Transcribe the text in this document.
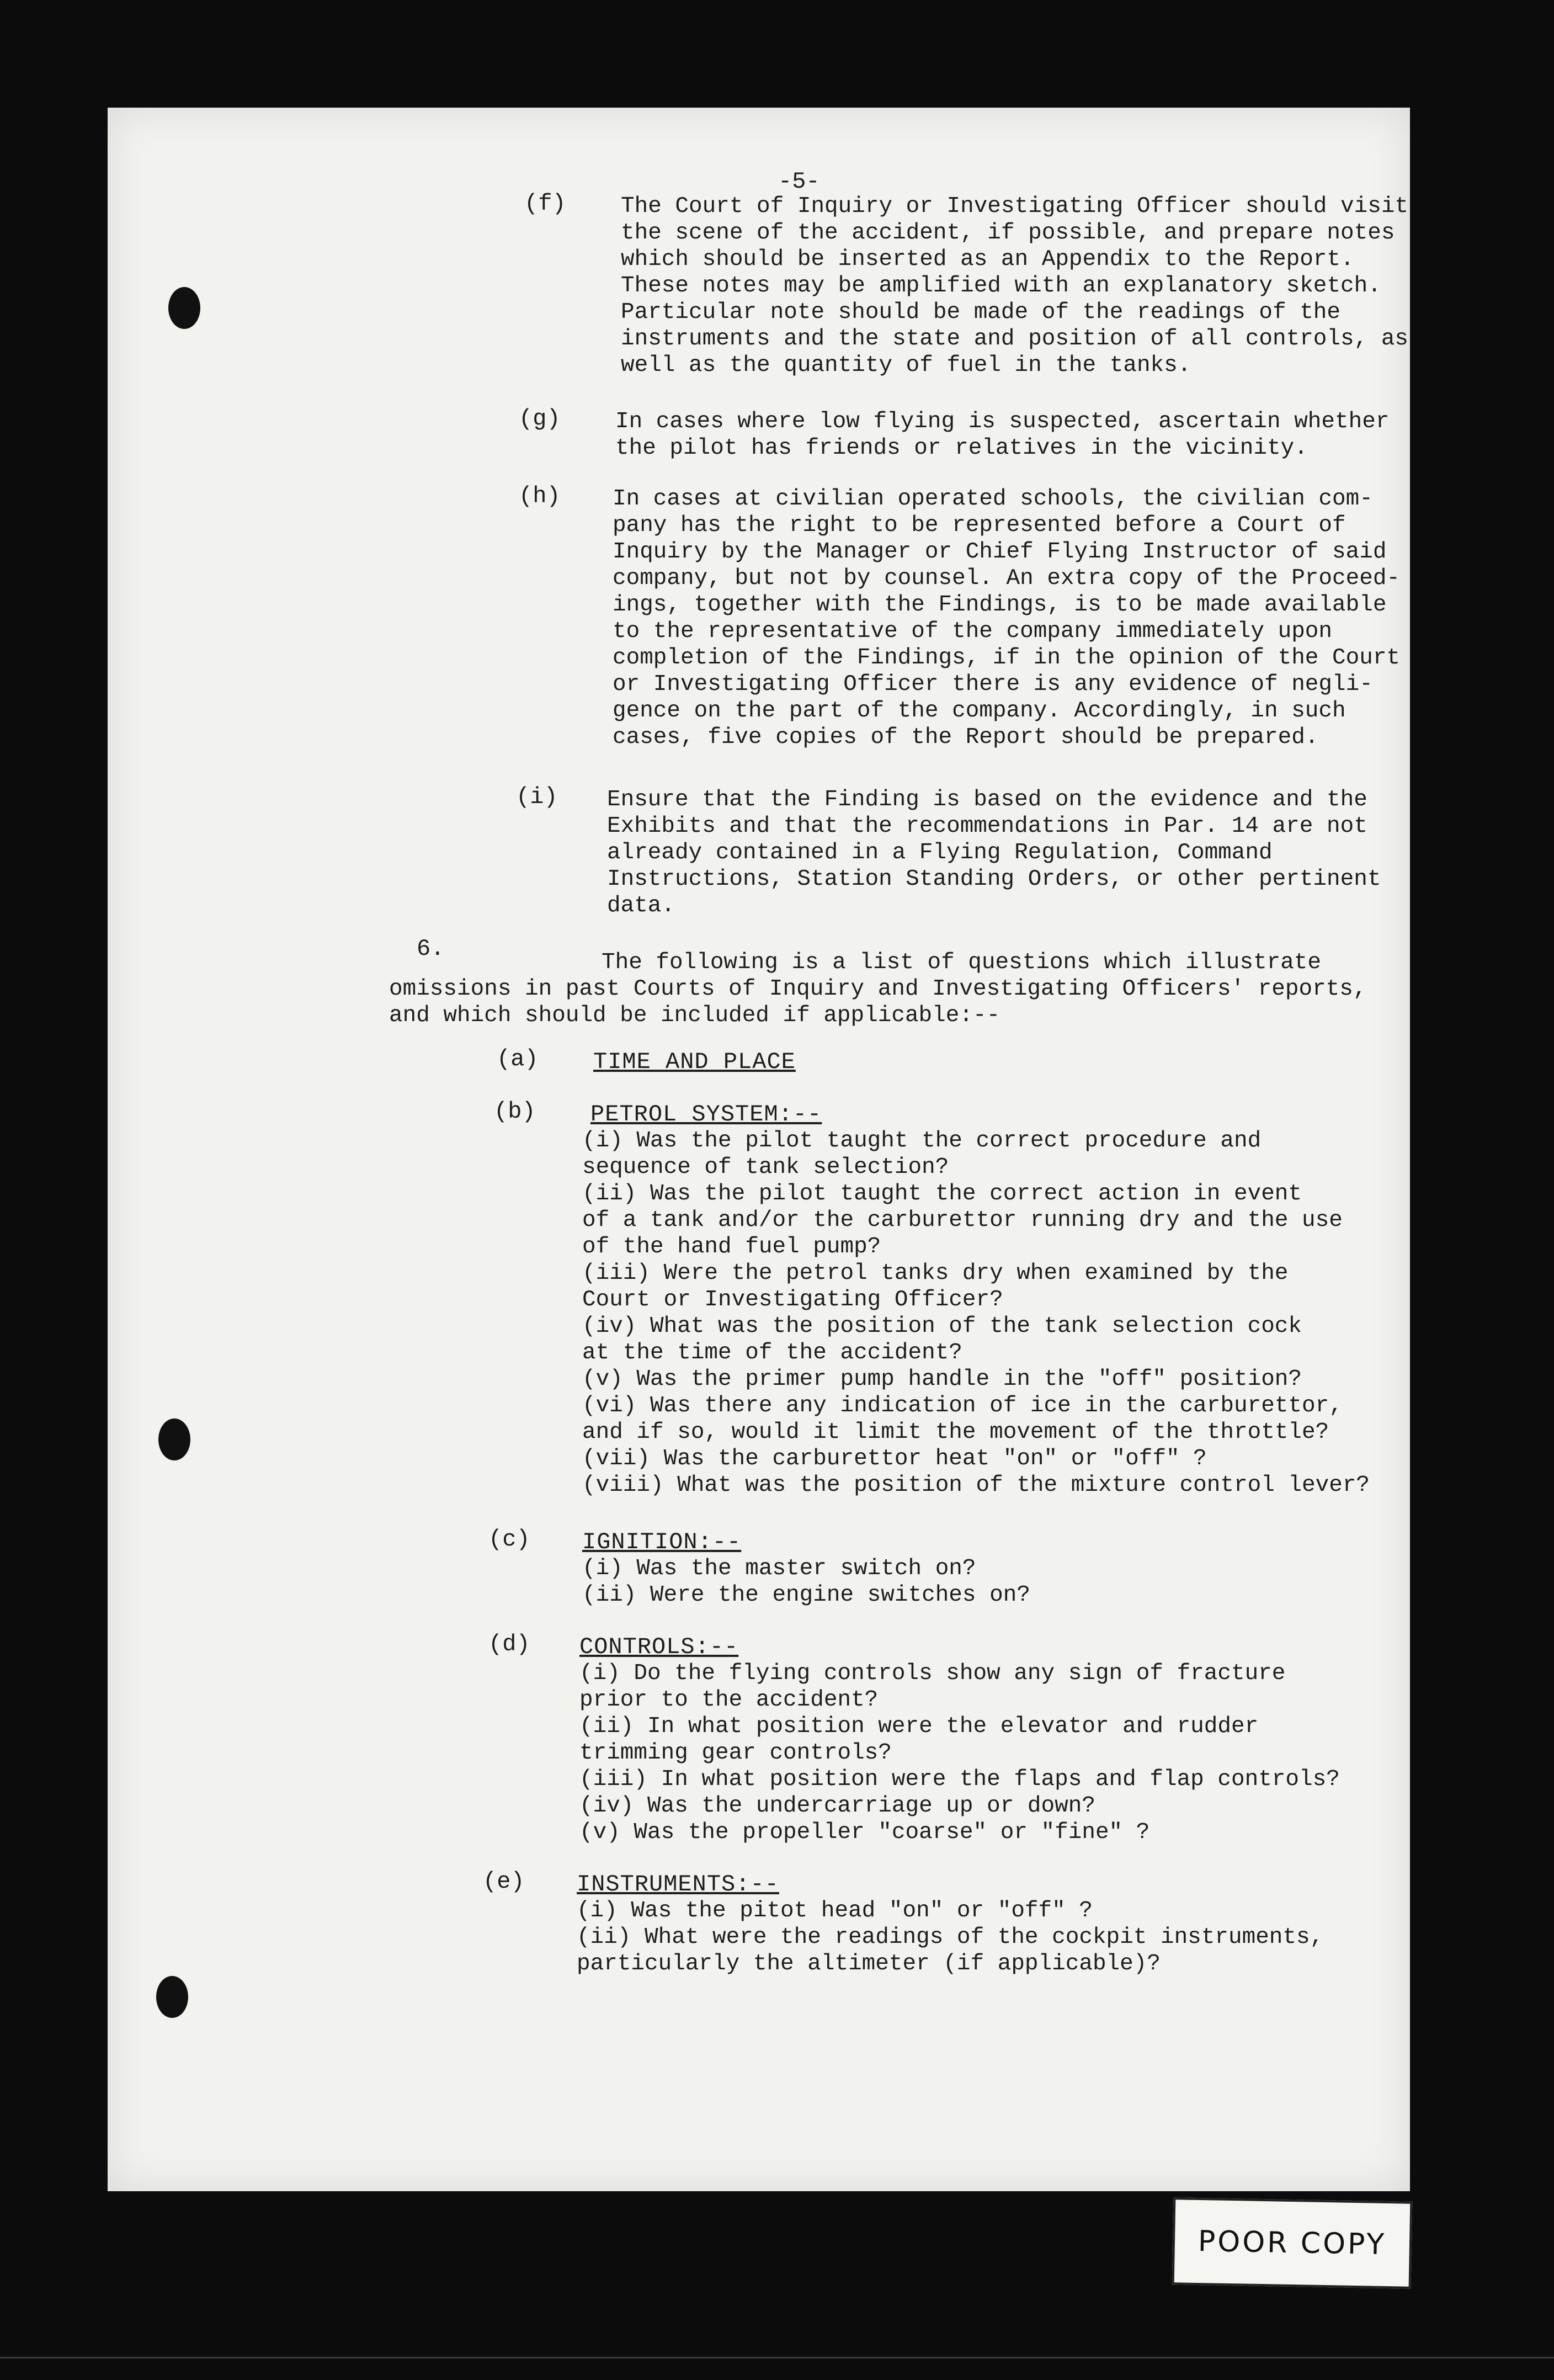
-5-
(f) The Court of Inquiry or Investigating Officer should visit
the scene of the accident, if possible, and prepare notes
which should be inserted as an Appendix to the Report.
These notes may be amplified with an explanatory sketch.
Particular note should be made of the readings of the
instruments and the state and position of all controls, as
well as the quantity of fuel in the tanks.
(g) In cases where low flying is suspected, ascertain whether
the pilot has friends or relatives in the vicinity.
(h) In cases at civilian operated schools, the civilian com-
pany has the right to be represented before a Court of
Inquiry by the Manager or Chief Flying Instructor of said
company, but not by counsel. An extra copy of the Proceed-
ings, together with the Findings, is to be made available
to the representative of the company immediately upon
completion of the Findings, if in the opinion of the Court
or Investigating Officer there is any evidence of negli-
gence on the part of the company. Accordingly, in such
cases, five copies of the Report should be prepared.
(i) Ensure that the Finding is based on the evidence and the
Exhibits and that the recommendations in Par. 14 are not
already contained in a Flying Regulation, Command
Instructions, Station Standing Orders, or other pertinent
data.
6.
The following is a list of questions which illustrate
omissions in past Courts of Inquiry and Investigating Officers' reports,
and which should be included if applicable:--
(a) TIME AND PLACE
(b) PETROL SYSTEM:--
(i) Was the pilot taught the correct procedure and
sequence of tank selection?
(ii) Was the pilot taught the correct action in event
of a tank and/or the carburettor running dry and the use
of the hand fuel pump?
(iii) Were the petrol tanks dry when examined by the
Court or Investigating Officer?
(iv) What was the position of the tank selection cock
at the time of the accident?
(v) Was the primer pump handle in the "off" position?
(vi) Was there any indication of ice in the carburettor,
and if so, would it limit the movement of the throttle?
(vii) Was the carburettor heat "on" or "off" ?
(viii) What was the position of the mixture control lever?
(c) IGNITION:--
(i) Was the master switch on?
(ii) Were the engine switches on?
(d) CONTROLS:--
(i) Do the flying controls show any sign of fracture
prior to the accident?
(ii) In what position were the elevator and rudder
trimming gear controls?
(iii) In what position were the flaps and flap controls?
(iv) Was the undercarriage up or down?
(v) Was the propeller "coarse" or "fine" ?
(e) INSTRUMENTS:--
(i) Was the pitot head "on" or "off" ?
(ii) What were the readings of the cockpit instruments,
particularly the altimeter (if applicable)?
POOR COPY
